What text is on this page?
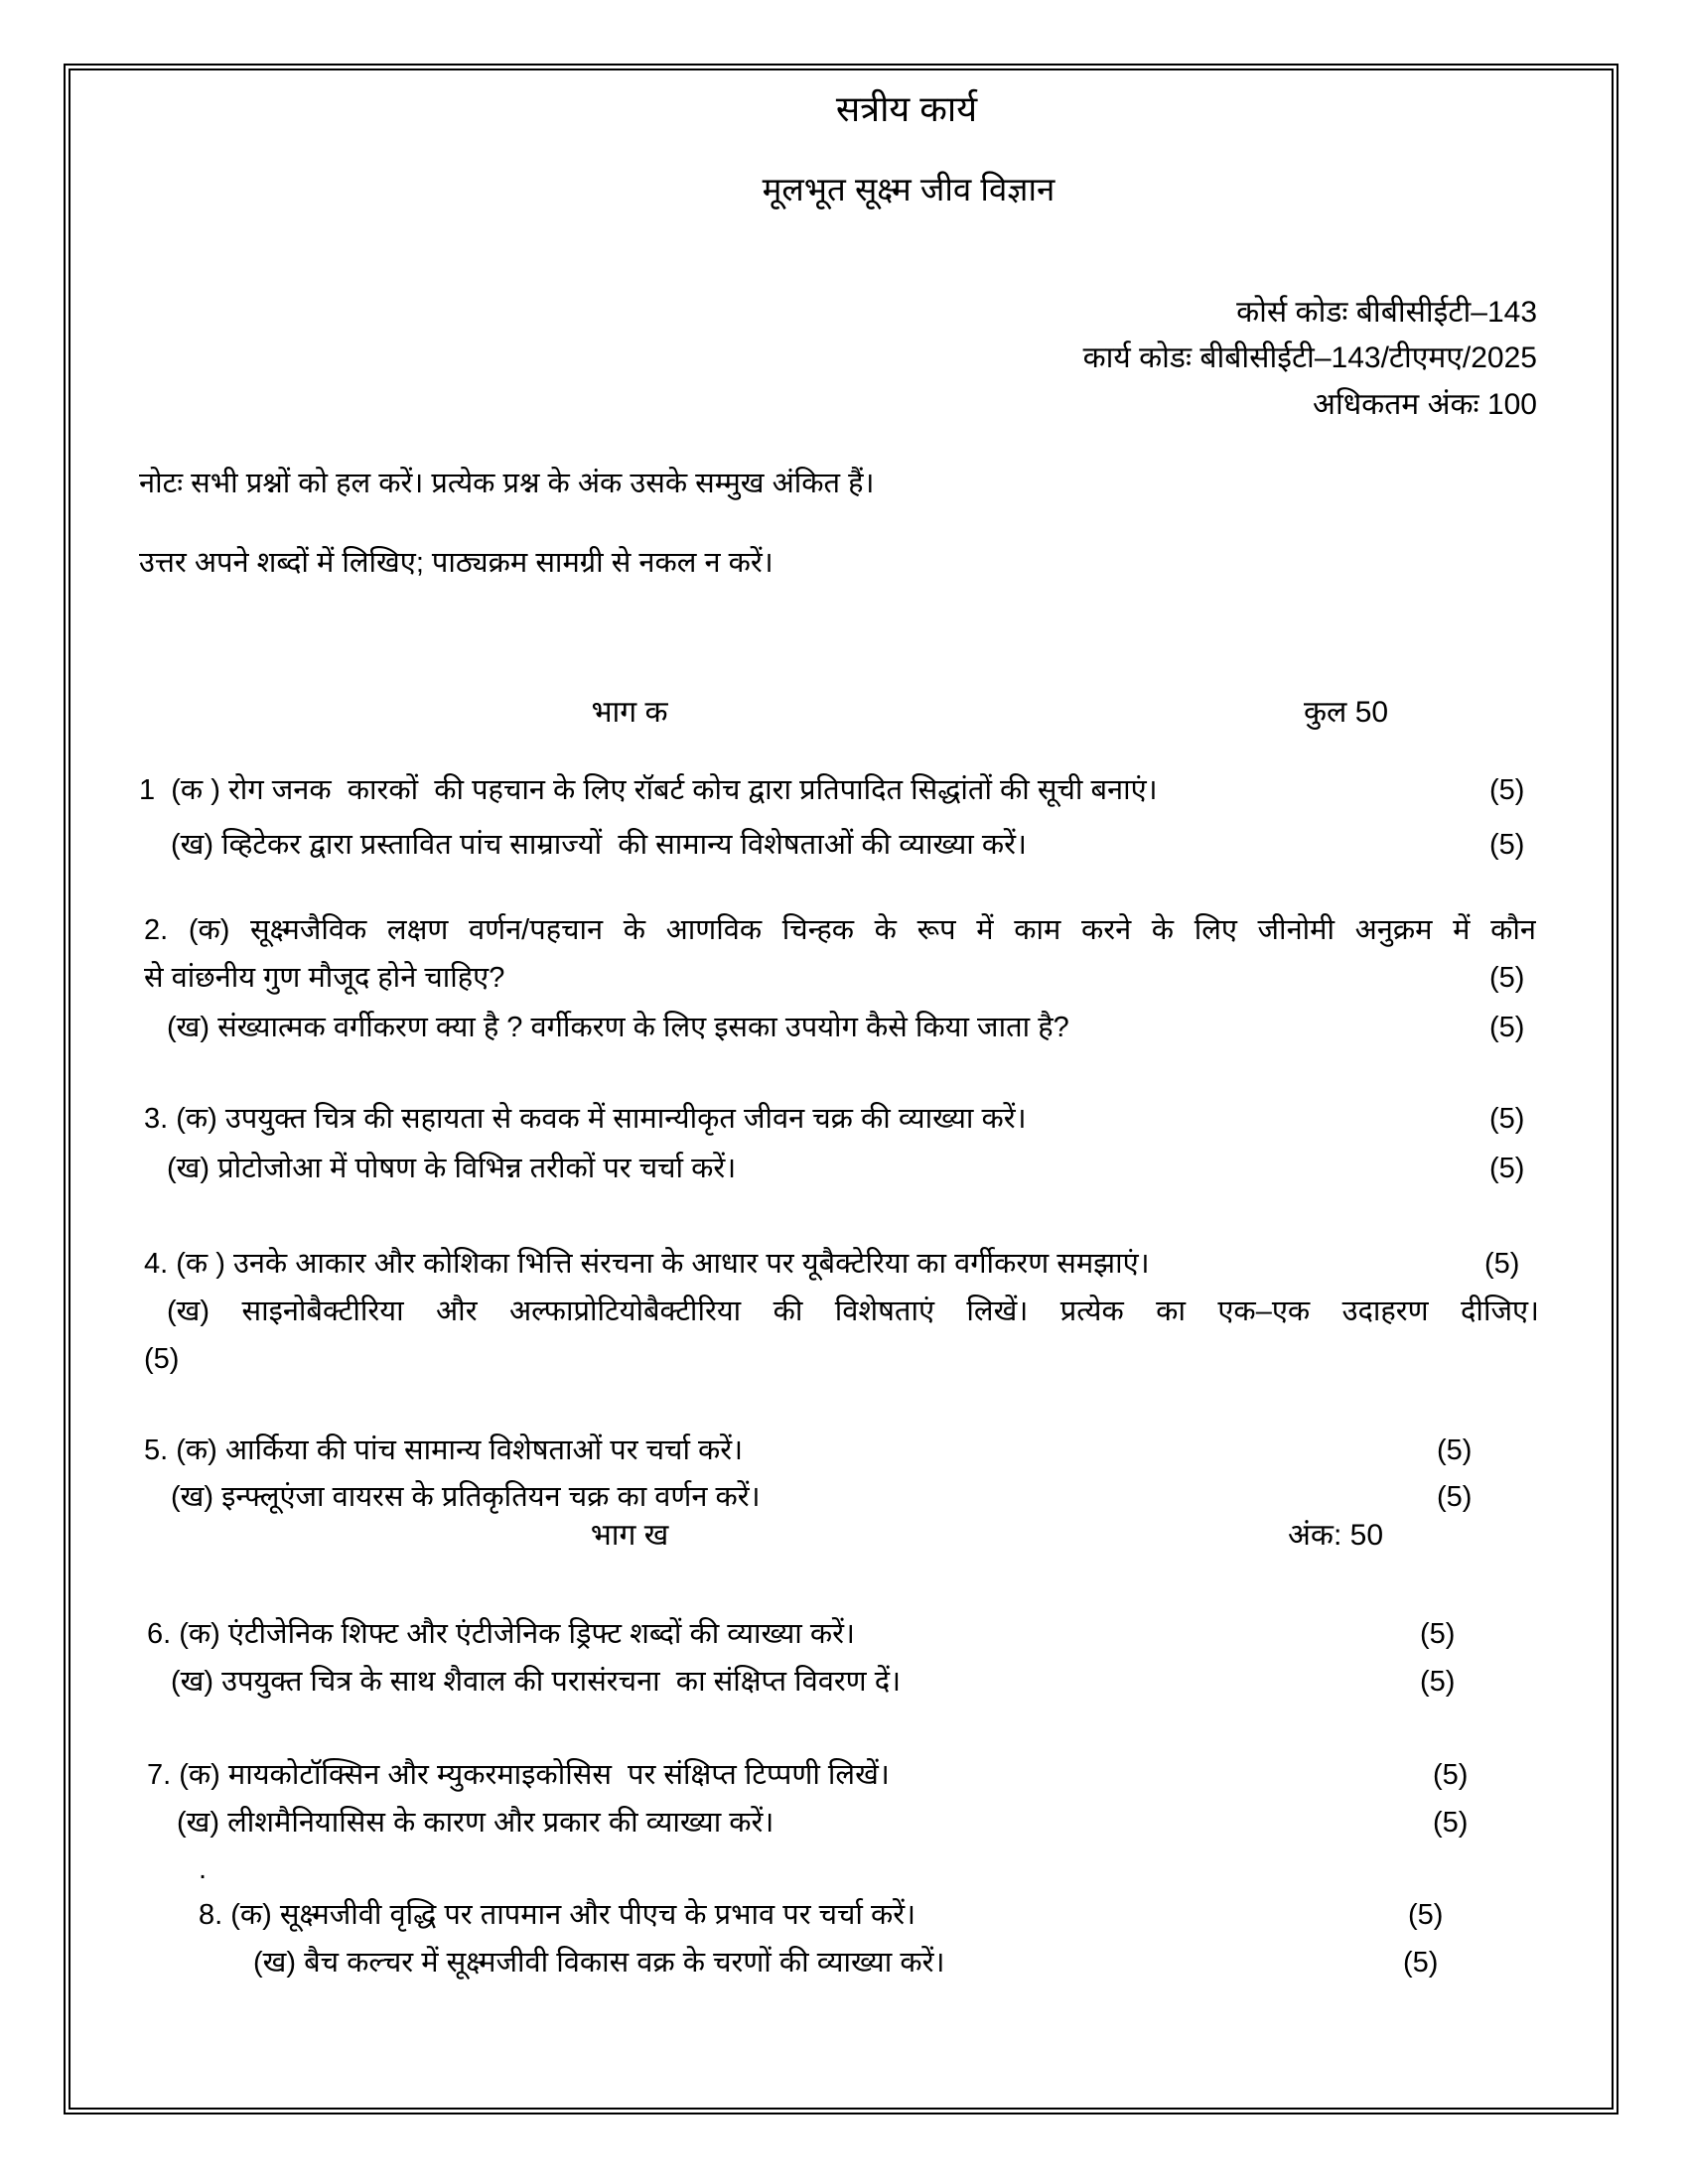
सत्रीय कार्य
मूलभूत सूक्ष्म जीव विज्ञान
कोर्स कोडः बीबीसीईटी–143
कार्य कोडः बीबीसीईटी–143/टीएमए/2025
अधिकतम अंकः 100
नोटः सभी प्रश्नों को हल करें। प्रत्येक प्रश्न के अंक उसके सम्मुख अंकित हैं।
उत्तर अपने शब्दों में लिखिए; पाठ्यक्रम सामग्री से नकल न करें।
भाग क	कुल 50
1  (क ) रोग जनक  कारकों  की पहचान के लिए रॉबर्ट कोच द्वारा प्रतिपादित सिद्धांतों की सूची बनाएं।	(5)
(ख) व्हिटेकर द्वारा प्रस्तावित पांच साम्राज्यों  की सामान्य विशेषताओं की व्याख्या करें।	(5)
2. (क) सूक्ष्मजैविक लक्षण वर्णन/पहचान के आणविक चिन्हक के रूप में काम करने के लिए जीनोमी अनुक्रम में कौन
से वांछनीय गुण मौजूद होने चाहिए?	(5)
(ख) संख्यात्मक वर्गीकरण क्या है ? वर्गीकरण के लिए इसका उपयोग कैसे किया जाता है?	(5)
3. (क) उपयुक्त चित्र की सहायता से कवक में सामान्यीकृत जीवन चक्र की व्याख्या करें।	(5)
(ख) प्रोटोजोआ में पोषण के विभिन्न तरीकों पर चर्चा करें।	(5)
4. (क ) उनके आकार और कोशिका भित्ति संरचना के आधार पर यूबैक्टेरिया का वर्गीकरण समझाएं।	(5)
(ख) साइनोबैक्टीरिया और अल्फाप्रोटियोबैक्टीरिया की विशेषताएं लिखें। प्रत्येक का एक–एक उदाहरण दीजिए।
(5)
5. (क) आर्किया की पांच सामान्य विशेषताओं पर चर्चा करें।	(5)
(ख) इन्फ्लूएंजा वायरस के प्रतिकृतियन चक्र का वर्णन करें।	(5)
भाग ख	अंक: 50
6. (क) एंटीजेनिक शिफ्ट और एंटीजेनिक ड्रिफ्ट शब्दों की व्याख्या करें।	(5)
(ख) उपयुक्त चित्र के साथ शैवाल की परासंरचना  का संक्षिप्त विवरण दें।	(5)
7. (क) मायकोटॉक्सिन और म्युकरमाइकोसिस  पर संक्षिप्त टिप्पणी लिखें।	(5)
(ख) लीशमैनियासिस के कारण और प्रकार की व्याख्या करें।	(5)
.
8. (क) सूक्ष्मजीवी वृद्धि पर तापमान और पीएच के प्रभाव पर चर्चा करें।	(5)
(ख) बैच कल्चर में सूक्ष्मजीवी विकास वक्र के चरणों की व्याख्या करें।	(5)
